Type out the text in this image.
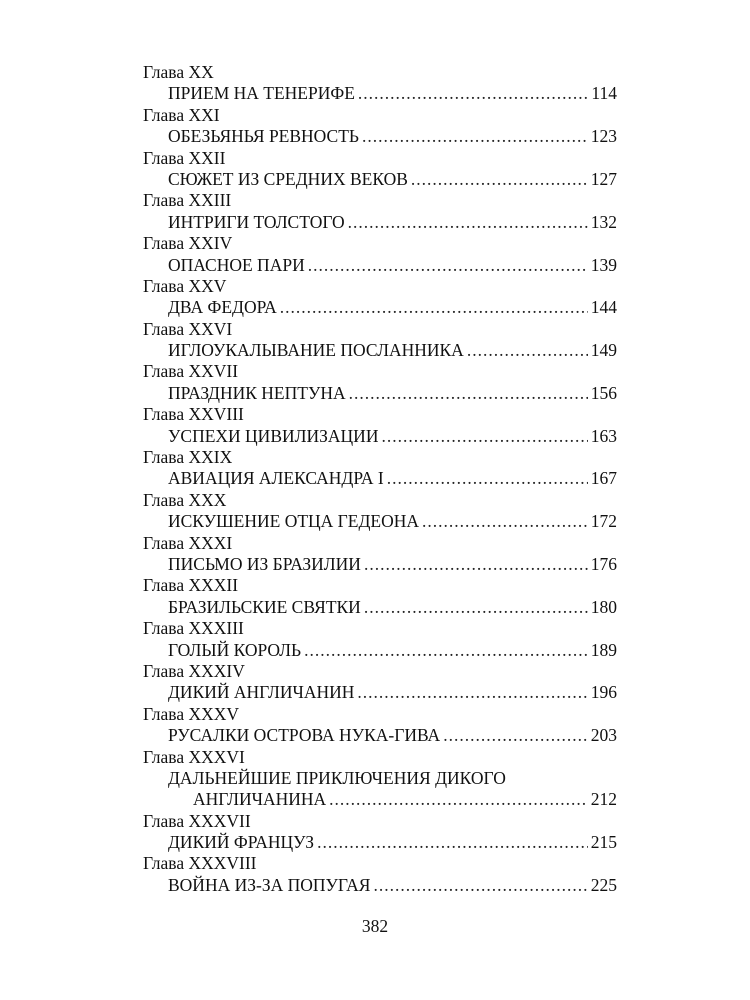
Глава XX
ПРИЕМ НА ТЕНЕРИФЕ .....	114
Глава XXI
ОБЕЗЬЯНЬЯ РЕВНОСТЬ .....	123
Глава XXII
СЮЖЕТ ИЗ СРЕДНИХ ВЕКОВ .....	127
Глава XXIII
ИНТРИГИ ТОЛСТОГО .....	132
Глава XXIV
ОПАСНОЕ ПАРИ .....	139
Глава XXV
ДВА ФЕДОРА .....	144
Глава XXVI
ИГЛОУКАЛЫВАНИЕ ПОСЛАННИКА .....	149
Глава XXVII
ПРАЗДНИК НЕПТУНА .....	156
Глава XXVIII
УСПЕХИ ЦИВИЛИЗАЦИИ .....	163
Глава XXIX
АВИАЦИЯ АЛЕКСАНДРА I .....	167
Глава XXX
ИСКУШЕНИЕ ОТЦА ГЕДЕОНА .....	172
Глава XXXI
ПИСЬМО ИЗ БРАЗИЛИИ .....	176
Глава XXXII
БРАЗИЛЬСКИЕ СВЯТКИ .....	180
Глава XXXIII
ГОЛЫЙ КОРОЛЬ .....	189
Глава XXXIV
ДИКИЙ АНГЛИЧАНИН .....	196
Глава XXXV
РУСАЛКИ ОСТРОВА НУКА-ГИВА .....	203
Глава XXXVI
ДАЛЬНЕЙШИЕ ПРИКЛЮЧЕНИЯ ДИКОГО
АНГЛИЧАНИНА .....	212
Глава XXXVII
ДИКИЙ ФРАНЦУЗ .....	215
Глава XXXVIII
ВОЙНА ИЗ-ЗА ПОПУГАЯ .....	225
382
